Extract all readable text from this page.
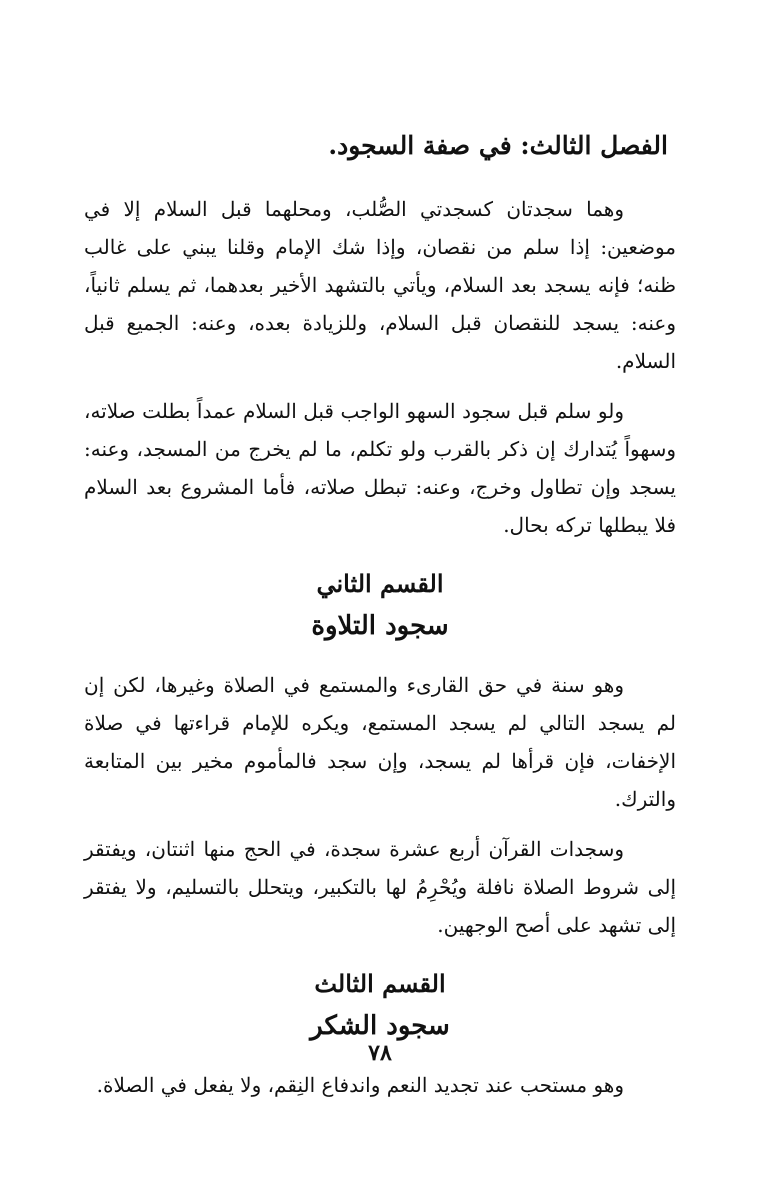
الفصل الثالث: في صفة السجود.

وهما سجدتان كسجدتي الصُّلب، ومحلهما قبل السلام إلا في موضعين: إذا سلم من نقصان، وإذا شك الإمام وقلنا يبني على غالب ظنه؛ فإنه يسجد بعد السلام، ويأتي بالتشهد الأخير بعدهما، ثم يسلم ثانياً، وعنه: يسجد للنقصان قبل السلام، وللزيادة بعده، وعنه: الجميع قبل السلام.

ولو سلم قبل سجود السهو الواجب قبل السلام عمداً بطلت صلاته، وسهواً يُتدارك إن ذكر بالقرب ولو تكلم، ما لم يخرج من المسجد، وعنه: يسجد وإن تطاول وخرج، وعنه: تبطل صلاته، فأما المشروع بعد السلام فلا يبطلها تركه بحال.

القسم الثاني
سجود التلاوة

وهو سنة في حق القارىء والمستمع في الصلاة وغيرها، لكن إن لم يسجد التالي لم يسجد المستمع، ويكره للإمام قراءتها في صلاة الإخفات، فإن قرأها لم يسجد، وإن سجد فالمأموم مخير بين المتابعة والترك.

وسجدات القرآن أربع عشرة سجدة، في الحج منها اثنتان، ويفتقر إلى شروط الصلاة نافلة ويُحْرِمُ لها بالتكبير، ويتحلل بالتسليم، ولا يفتقر إلى تشهد على أصح الوجهين.

القسم الثالث
سجود الشكر

وهو مستحب عند تجديد النعم واندفاع النِقم، ولا يفعل في الصلاة.

٧٨
